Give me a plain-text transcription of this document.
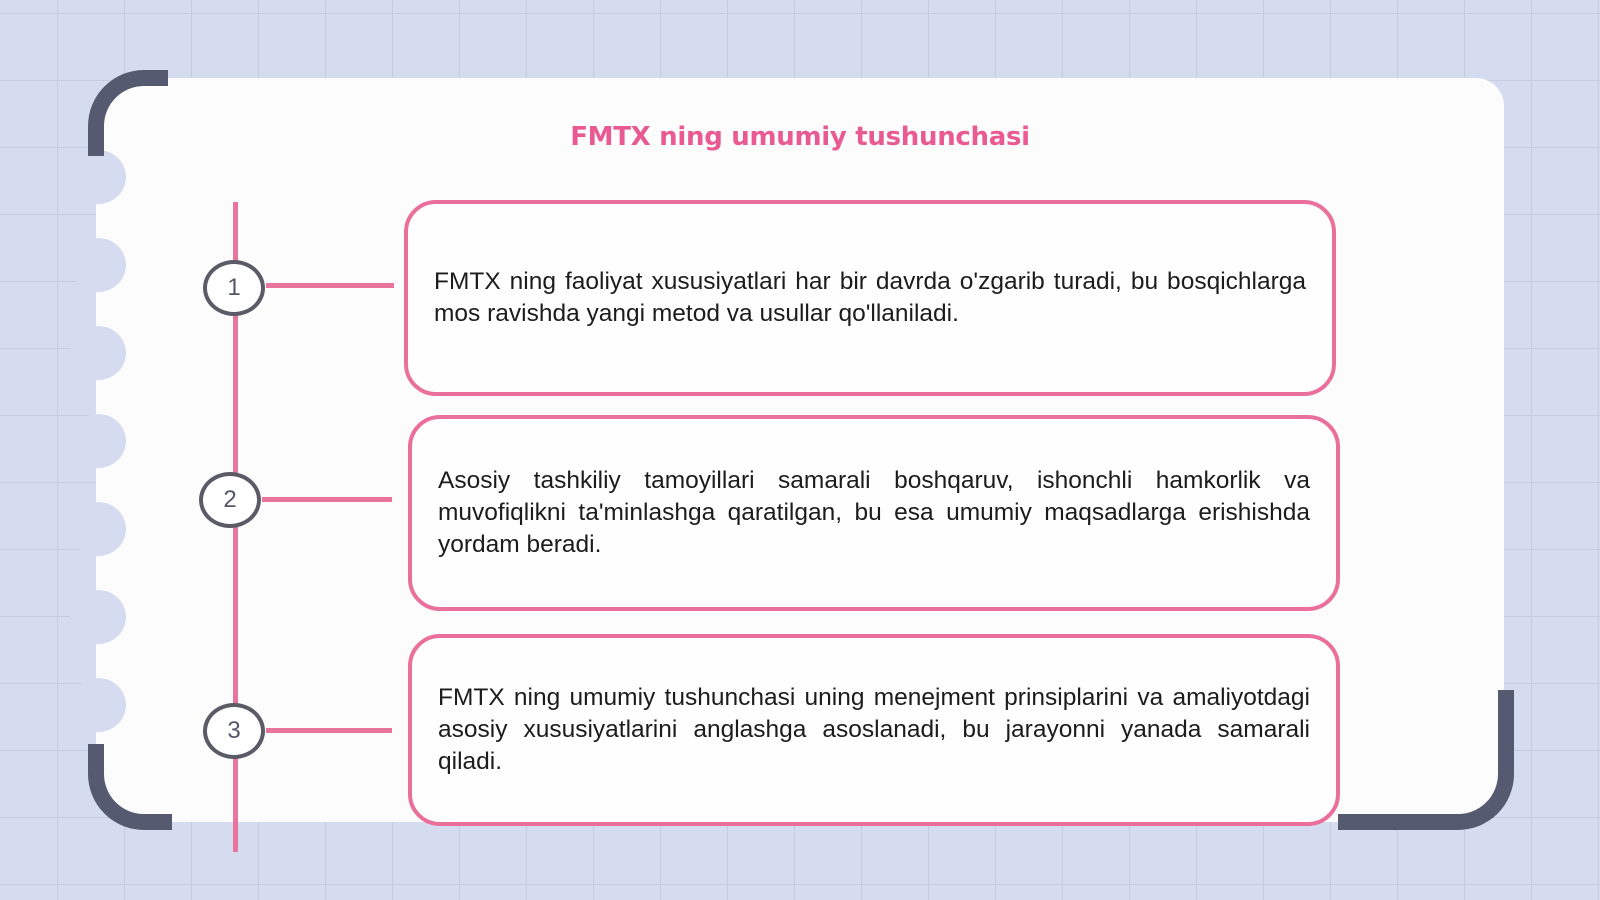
FMTX ning umumiy tushunchasi
1
2
3

FMTX ning faoliyat xususiyatlari har bir davrda o'zgarib turadi, bu bosqichlarga mos ravishda yangi metod va usullar qo'llaniladi.

Asosiy tashkiliy tamoyillari samarali boshqaruv, ishonchli hamkorlik va muvofiqlikni ta'minlashga qaratilgan, bu esa umumiy maqsadlarga erishishda yordam beradi.

FMTX ning umumiy tushunchasi uning menejment prinsiplarini va amaliyotdagi asosiy xususiyatlarini anglashga asoslanadi, bu jarayonni yanada samarali qiladi.
